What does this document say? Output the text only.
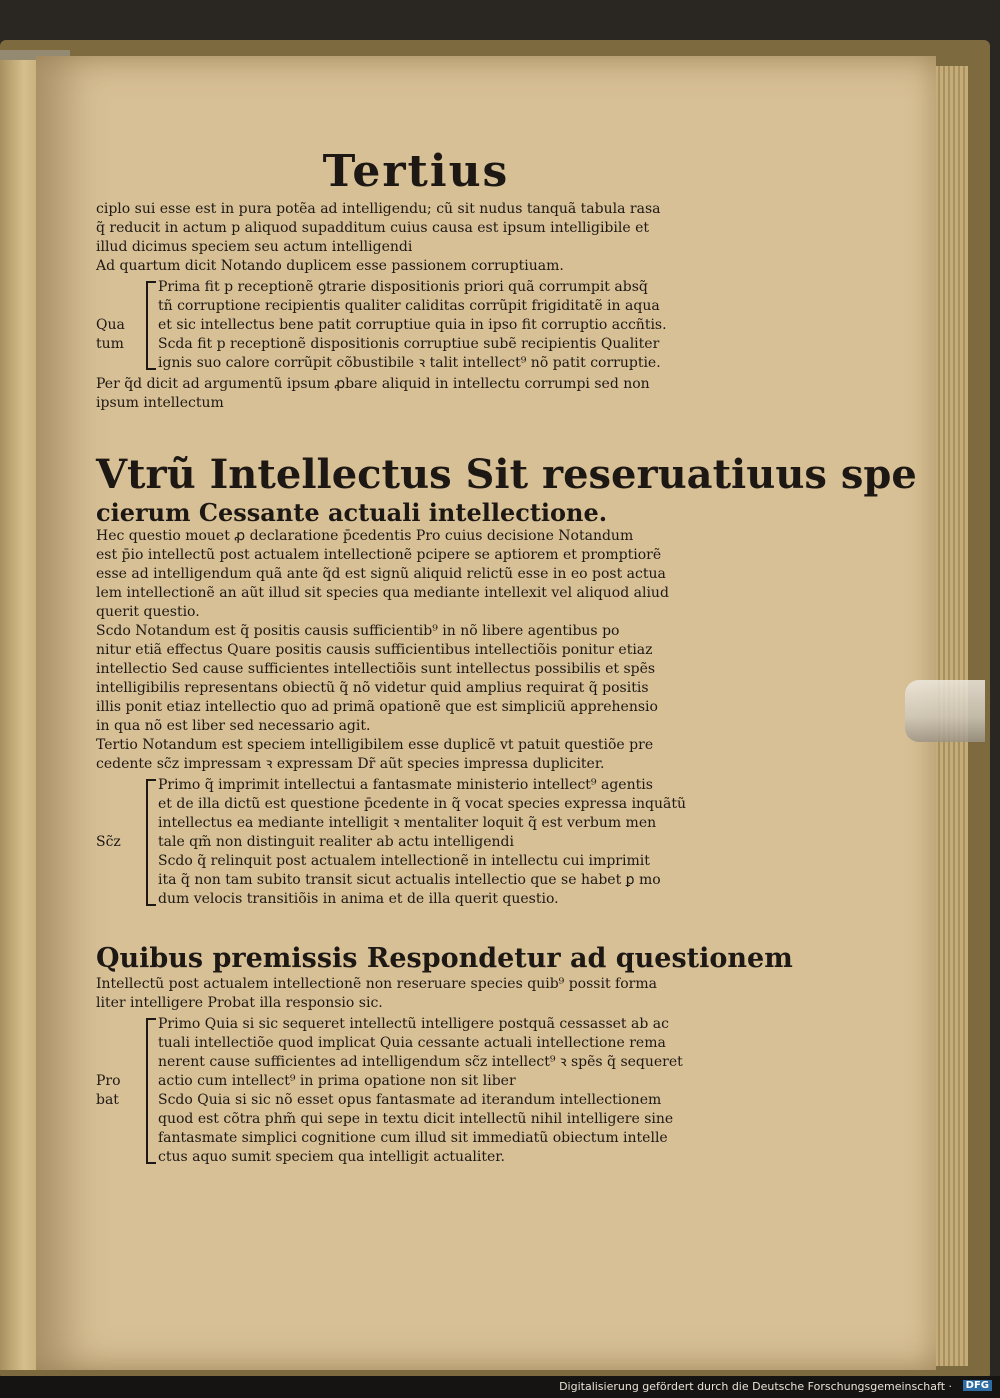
Tertius
ciplo sui esse est in pura potẽa ad intelligendu; cũ sit nudus tanquã tabula rasa
q̃ reducit in actum p aliquod supadditum cuius causa est ipsum intelligibile et
illud dicimus speciem seu actum intelligendi
Ad quartum dicit Notando duplicem esse passionem corruptiuam.
Qua
tum
Prima fit p receptionẽ ꝯtrarie dispositionis priori quã corrumpit absq̃
tñ corruptione recipientis qualiter caliditas corrũpit frigiditatẽ in aqua
et sic intellectus bene patit corruptiue quia in ipso fit corruptio accñtis.
Scda fit p receptionẽ dispositionis corruptiue subẽ recipientis Qualiter
ignis suo calore corrũpit cõbustibile ꝛ talit intellect⁹ nõ patit corruptie.
Per q̃d dicit ad argumentũ ipsum ꝓbare aliquid in intellectu corrumpi sed non
ipsum intellectum
Vtrũ Intellectus Sit reseruatiuus spe
cierum Cessante actuali intellectione.
Hec questio mouet ꝓ declaratione p̄cedentis Pro cuius decisione Notandum
est p̄io intellectũ post actualem intellectionẽ pcipere se aptiorem et promptiorẽ
esse ad intelligendum quã ante q̃d est signũ aliquid relictũ esse in eo post actua
lem intellectionẽ an aũt illud sit species qua mediante intellexit vel aliquod aliud
querit questio.
Scdo Notandum est q̃ positis causis sufficientib⁹ in nõ libere agentibus po
nitur etiã effectus Quare positis causis sufficientibus intellectiõis ponitur etiaz
intellectio Sed cause sufficientes intellectiõis sunt intellectus possibilis et spẽs
intelligibilis representans obiectũ q̃ nõ videtur quid amplius requirat q̃ positis
illis ponit etiaz intellectio quo ad primã opationẽ que est simpliciũ apprehensio
in qua nõ est liber sed necessario agit.
Tertio Notandum est speciem intelligibilem esse duplicẽ vt patuit questiõe pre
cedente sc̃z impressam ꝛ expressam Dr̃ aũt species impressa dupliciter.
Sc̃z
Primo q̃ imprimit intellectui a fantasmate ministerio intellect⁹ agentis
et de illa dictũ est questione p̄cedente in q̃ vocat species expressa inquãtũ
intellectus ea mediante intelligit ꝛ mentaliter loquit q̃ est verbum men
tale qm̃ non distinguit realiter ab actu intelligendi
Scdo q̃ relinquit post actualem intellectionẽ in intellectu cui imprimit
ita q̃ non tam subito transit sicut actualis intellectio que se habet ꝑ mo
dum velocis transitiõis in anima et de illa querit questio.
Quibus premissis Respondetur ad questionem
Intellectũ post actualem intellectionẽ non reseruare species quib⁹ possit forma
liter intelligere Probat illa responsio sic.
Pro
bat
Primo Quia si sic sequeret intellectũ intelligere postquã cessasset ab ac
tuali intellectiõe quod implicat Quia cessante actuali intellectione rema
nerent cause sufficientes ad intelligendum sc̃z intellect⁹ ꝛ spẽs q̃ sequeret
actio cum intellect⁹ in prima opatione non sit liber
Scdo Quia si sic nõ esset opus fantasmate ad iterandum intellectionem
quod est cõtra phm̃ qui sepe in textu dicit intellectũ nihil intelligere sine
fantasmate simplici cognitione cum illud sit immediatũ obiectum intelle
ctus aquo sumit speciem qua intelligit actualiter.
Digitalisierung gefördert durch die Deutsche Forschungsgemeinschaft ·	DFG
